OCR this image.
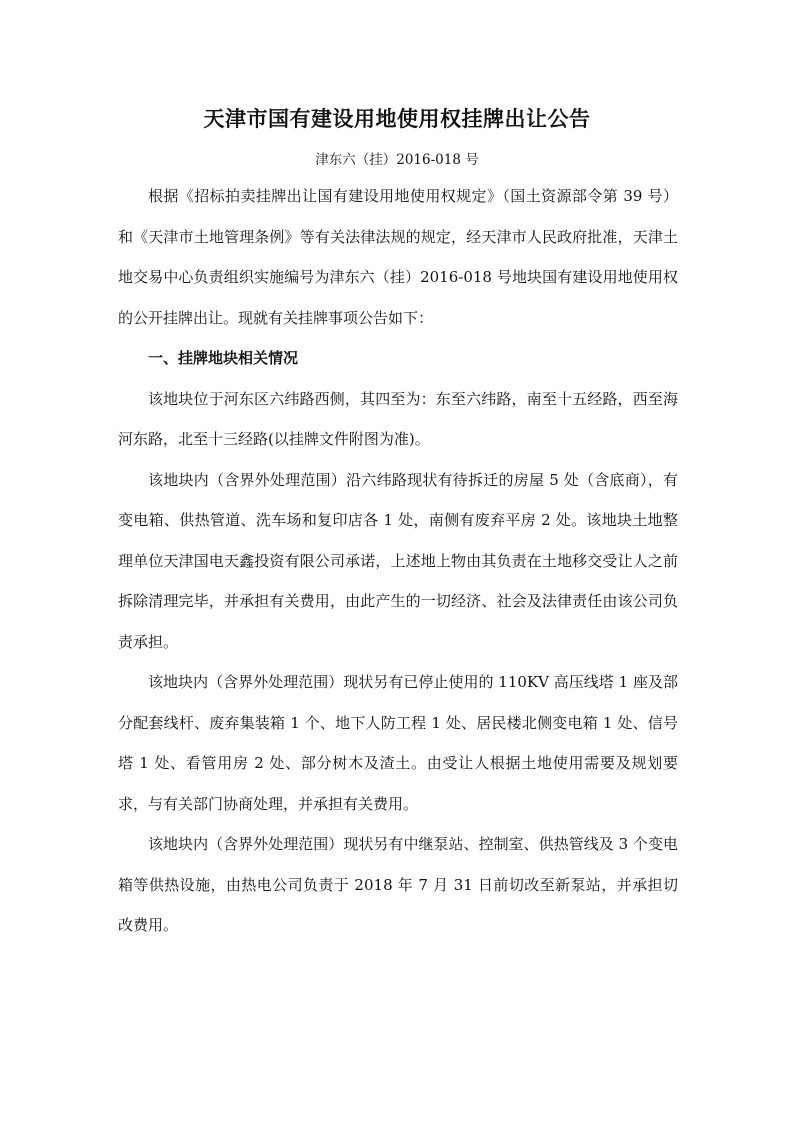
天津市国有建设用地使用权挂牌出让公告

津东六（挂）2016-018 号

根据《招标拍卖挂牌出让国有建设用地使用权规定》（国土资源部令第 39 号）和《天津市土地管理条例》等有关法律法规的规定，经天津市人民政府批准，天津土地交易中心负责组织实施编号为津东六（挂）2016-018 号地块国有建设用地使用权的公开挂牌出让。现就有关挂牌事项公告如下：

一、挂牌地块相关情况

该地块位于河东区六纬路西侧，其四至为：东至六纬路，南至十五经路，西至海河东路，北至十三经路(以挂牌文件附图为准)。

该地块内（含界外处理范围）沿六纬路现状有待拆迁的房屋 5 处（含底商），有变电箱、供热管道、洗车场和复印店各 1 处，南侧有废弃平房 2 处。该地块土地整理单位天津国电天鑫投资有限公司承诺，上述地上物由其负责在土地移交受让人之前拆除清理完毕，并承担有关费用，由此产生的一切经济、社会及法律责任由该公司负责承担。

该地块内（含界外处理范围）现状另有已停止使用的 110KV 高压线塔 1 座及部分配套线杆、废弃集装箱 1 个、地下人防工程 1 处、居民楼北侧变电箱 1 处、信号塔 1 处、看管用房 2 处、部分树木及渣土。由受让人根据土地使用需要及规划要求，与有关部门协商处理，并承担有关费用。

该地块内（含界外处理范围）现状另有中继泵站、控制室、供热管线及 3 个变电箱等供热设施，由热电公司负责于 2018 年 7 月 31 日前切改至新泵站，并承担切改费用。
